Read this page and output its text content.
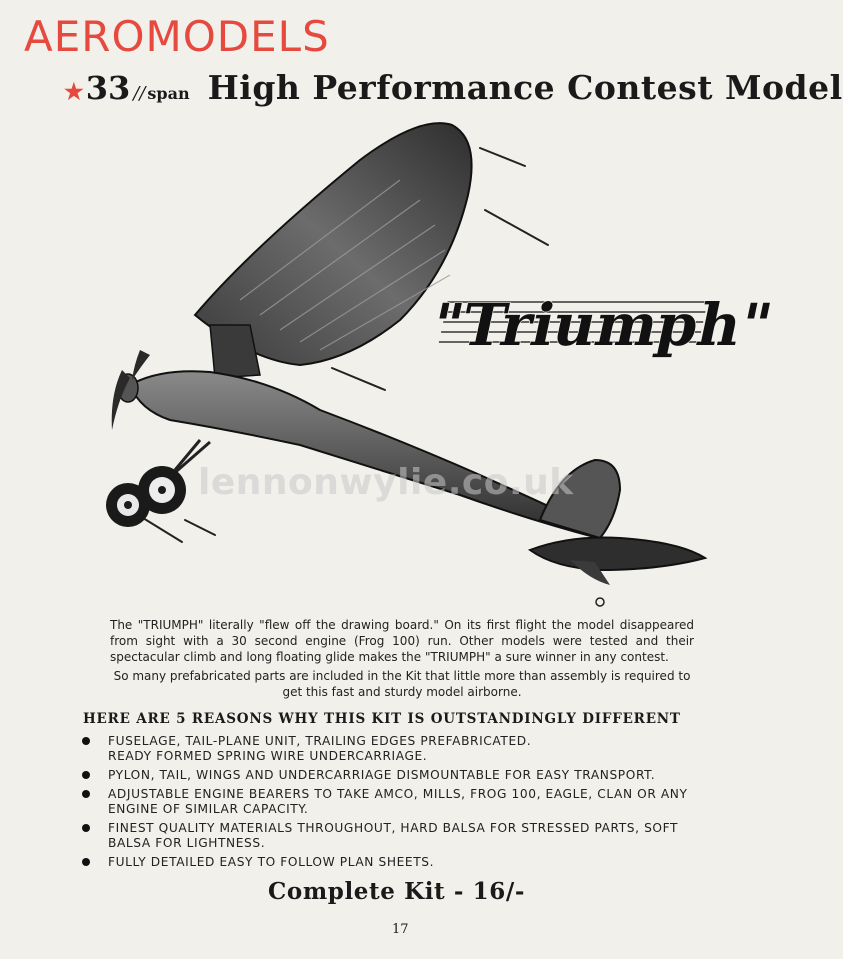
AEROMODELS
★ 33 // span High Performance Contest Model
"Triumph"
lennonwylie.co.uk

The "TRIUMPH" literally "flew off the drawing board." On its first flight the model disappeared from sight with a 30 second engine (Frog 100) run. Other models were tested and their spectacular climb and long floating glide makes the "TRIUMPH" a sure winner in any contest.

So many prefabricated parts are included in the Kit that little more than assembly is required to get this fast and sturdy model airborne.

HERE ARE 5 REASONS WHY THIS KIT IS OUTSTANDINGLY DIFFERENT
FUSELAGE, TAIL-PLANE UNIT, TRAILING EDGES PREFABRICATED.
READY FORMED SPRING WIRE UNDERCARRIAGE.
PYLON, TAIL, WINGS AND UNDERCARRIAGE DISMOUNTABLE FOR EASY TRANSPORT.
ADJUSTABLE ENGINE BEARERS TO TAKE AMCO, MILLS, FROG 100, EAGLE, CLAN OR ANY
ENGINE OF SIMILAR CAPACITY.
FINEST QUALITY MATERIALS THROUGHOUT, HARD BALSA FOR STRESSED PARTS, SOFT
BALSA FOR LIGHTNESS.
FULLY DETAILED EASY TO FOLLOW PLAN SHEETS.
Complete Kit - 16/-
17
